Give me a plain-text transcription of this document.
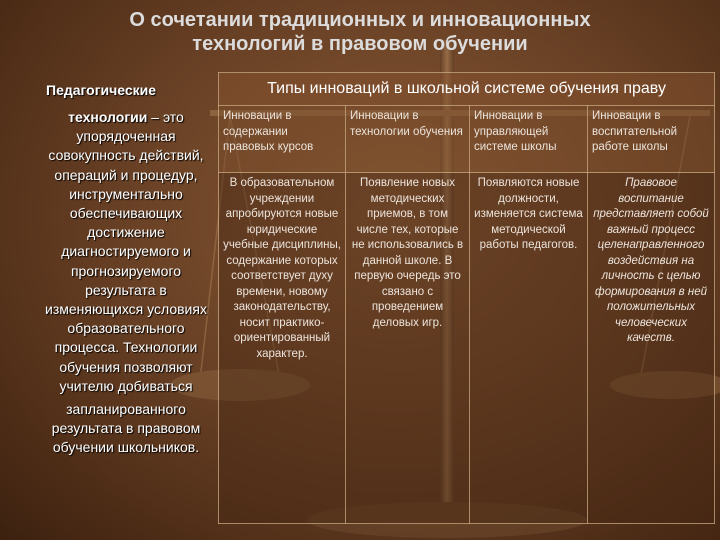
О сочетании традиционных и инновационных
технологий в правовом обучении
Педагогические
технологии – это упорядоченная совокупность действий, операций и процедур, инструментально обеспечивающих достижение диагностируемого и прогнозируемого результата в изменяющихся условиях образовательного процесса. Технологии обучения позволяют учителю добиваться
запланированного результата в правовом обучении школьников.
Типы инноваций в школьной системе обучения праву			
Инновации в содержании правовых курсов	Инновации в технологии обучения	Инновации в управляющей системе школы	Инновации в воспитательной работе школы
В образовательном учреждении апробируются новые юридические учебные дисциплины, содержание которых соответствует духу времени, новому законодательству, носит практико-ориентированный характер.	Появление новых методических приемов, в том числе тех, которые не использовались в данной школе. В первую очередь это связано с проведением деловых игр.	Появляются новые должности, изменяется система методической работы педагогов.	Правовое воспитание представляет собой важный процесс целенаправленного воздействия на личность с целью формирования в ней положительных человеческих качеств.
